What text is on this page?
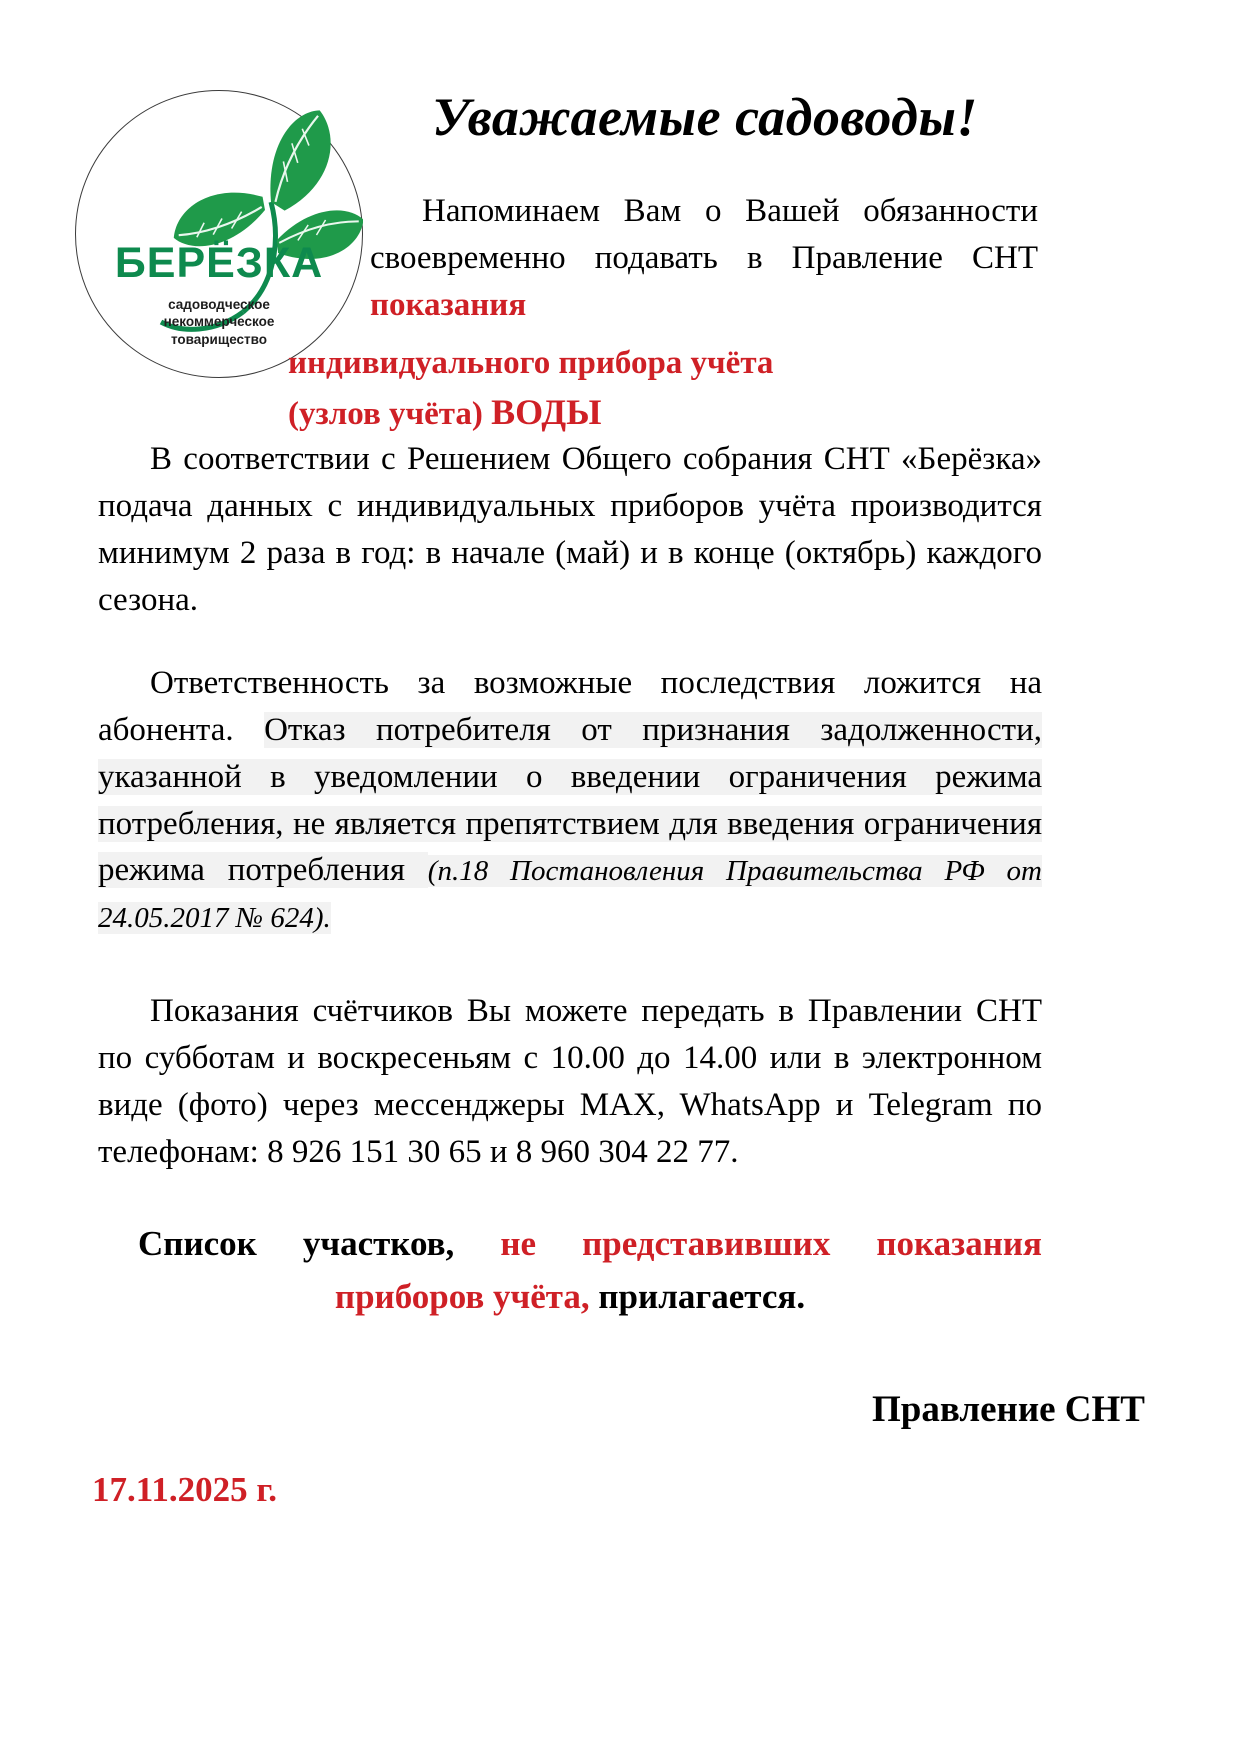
БЕРЁЗКА
садоводческое
некоммерческое
товарищество
Уважаемые садоводы!
Напоминаем Вам о Вашей обязанности своевременно подавать в Правление СНТ показания
индивидуального прибора учёта
(узлов учёта) ВОДЫ
В соответствии с Решением Общего собрания СНТ «Берёзка» подача данных с индивидуальных приборов учёта производится минимум 2 раза в год: в начале (май) и в конце (октябрь) каждого сезона.
Ответственность за возможные последствия ложится на абонента. Отказ потребителя от признания задолженности, указанной в уведомлении о введении ограничения режима потребления, не является препятствием для введения ограничения режима потребления (п.18 Постановления Правительства РФ от 24.05.2017 № 624).
Показания счётчиков Вы можете передать в Правлении СНТ по субботам и воскресеньям с 10.00 до 14.00 или в электронном виде (фото) через мессенджеры MAX, WhatsApp и Telegram по телефонам: 8 926 151 30 65 и 8 960 304 22 77.
Список участков, не представивших показания приборов учёта, прилагается.
Правление СНТ
17.11.2025 г.
